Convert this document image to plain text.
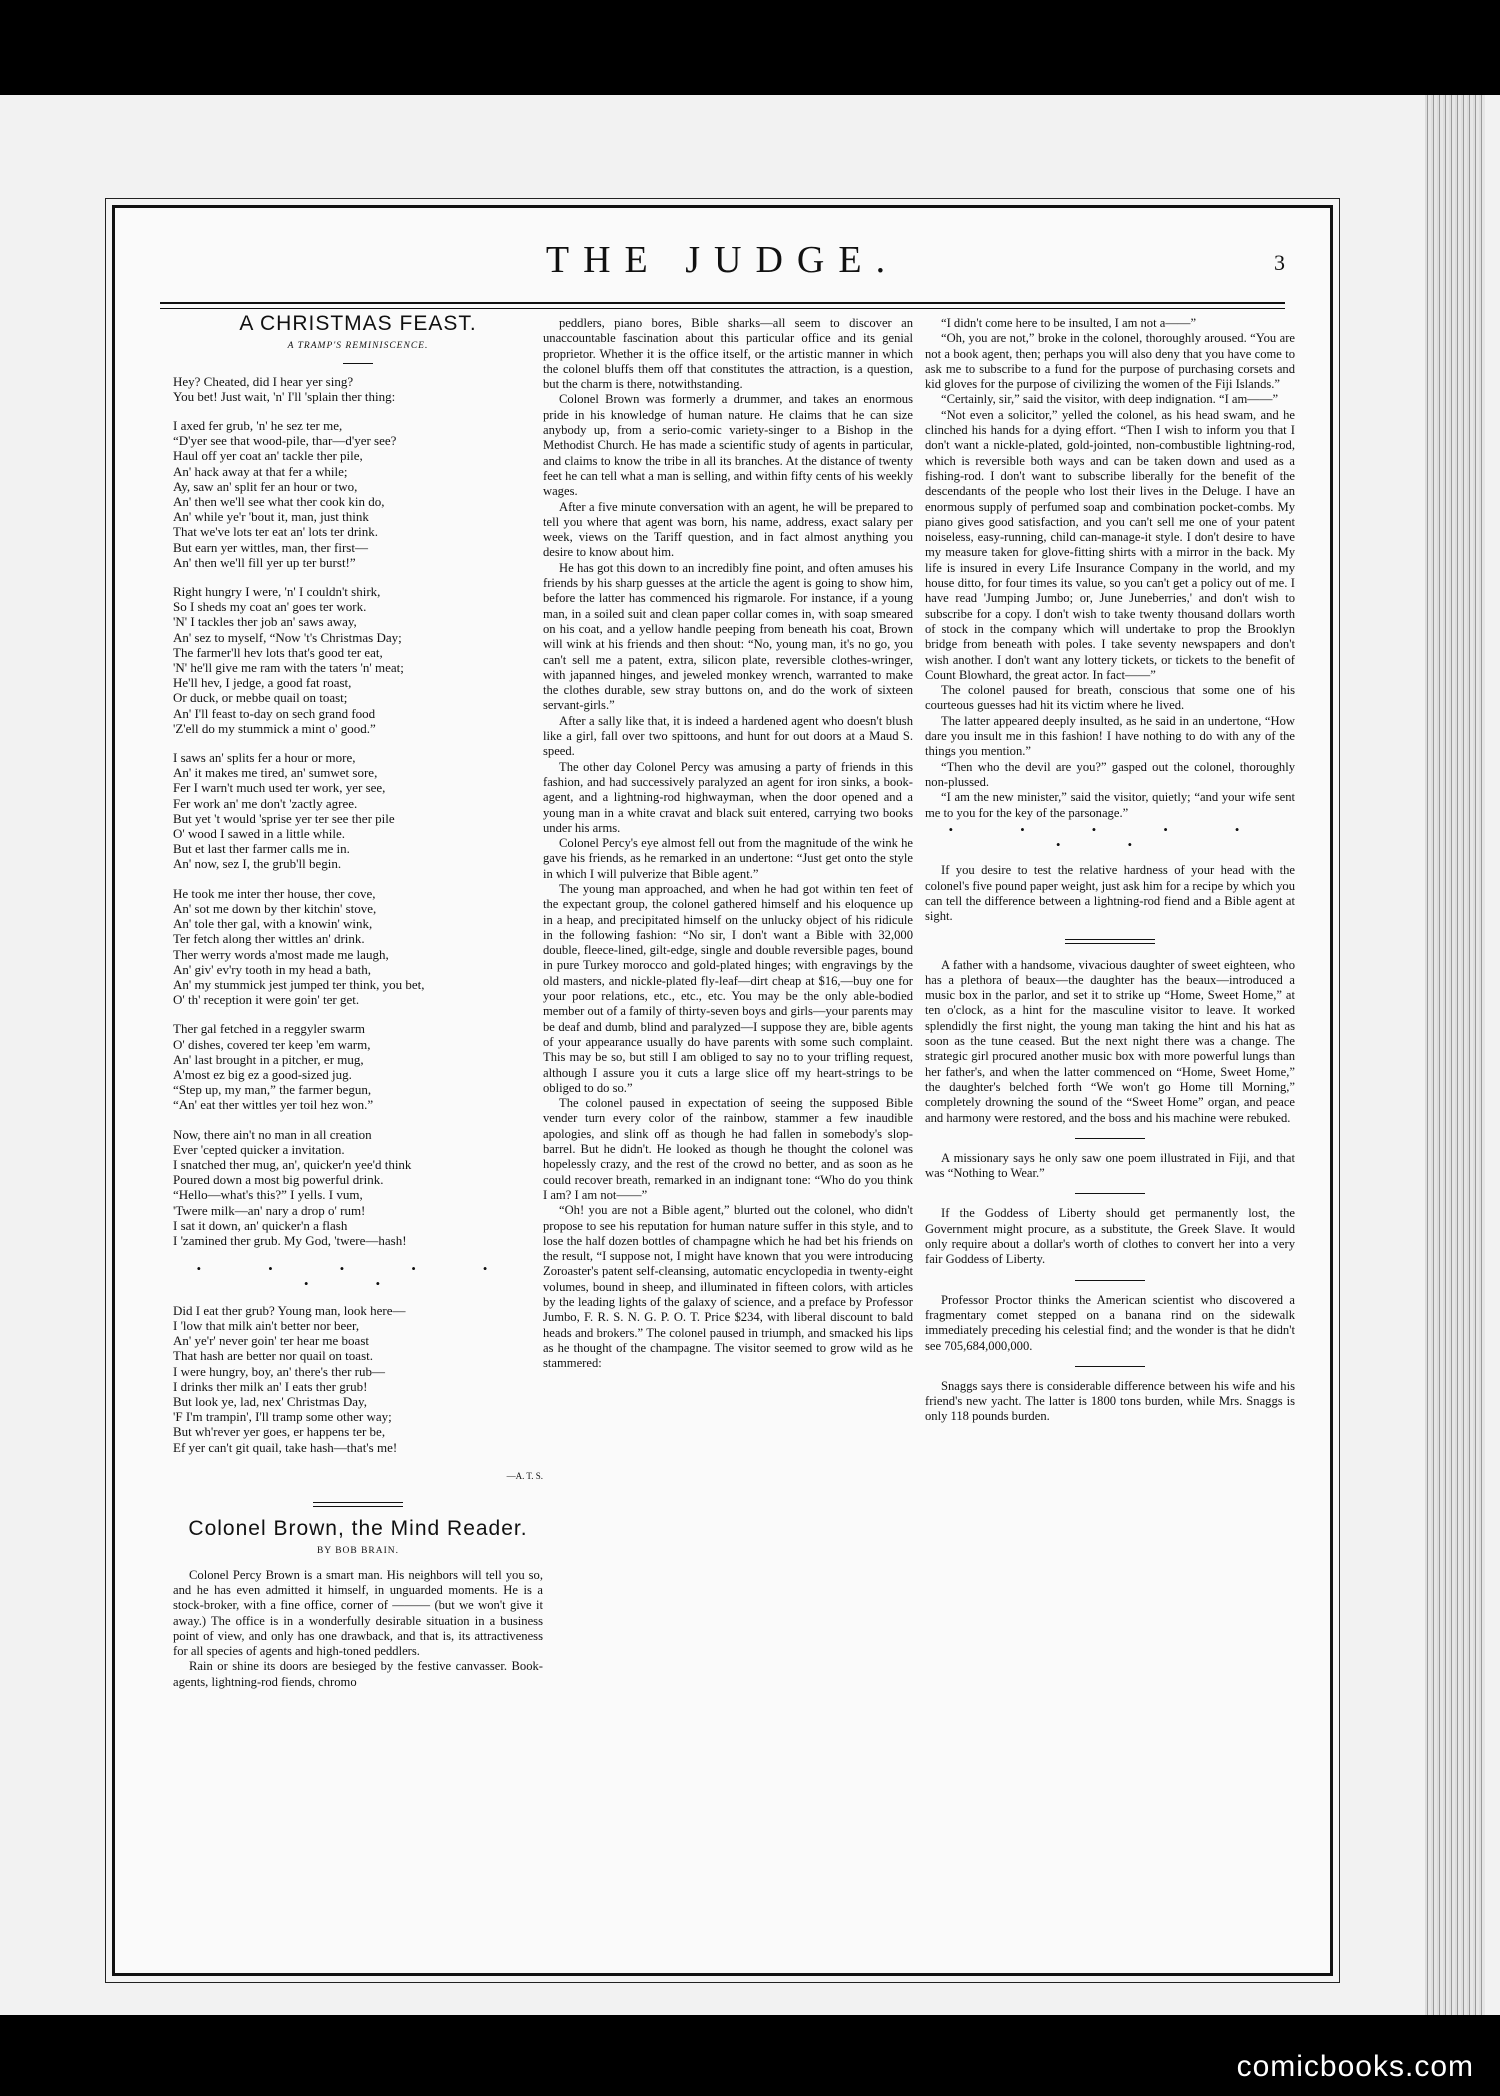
THE JUDGE.	3
A CHRISTMAS FEAST.
A TRAMP'S REMINISCENCE.

Hey? Cheated, did I hear yer sing?

You bet! Just wait, 'n' I'll 'splain ther thing:

I axed fer grub, 'n' he sez ter me,

“D'yer see that wood-pile, thar—d'yer see?

Haul off yer coat an' tackle ther pile,

An' hack away at that fer a while;

Ay, saw an' split fer an hour or two,

An' then we'll see what ther cook kin do,

An' while ye'r 'bout it, man, just think

That we've lots ter eat an' lots ter drink.

But earn yer wittles, man, ther first—

An' then we'll fill yer up ter burst!”

Right hungry I were, 'n' I couldn't shirk,

So I sheds my coat an' goes ter work.

'N' I tackles ther job an' saws away,

An' sez to myself, “Now 't's Christmas Day;

The farmer'll hev lots that's good ter eat,

'N' he'll give me ram with the taters 'n' meat;

He'll hev, I jedge, a good fat roast,

Or duck, or mebbe quail on toast;

An' I'll feast to-day on sech grand food

'Z'ell do my stummick a mint o' good.”

I saws an' splits fer a hour or more,

An' it makes me tired, an' sumwet sore,

Fer I warn't much used ter work, yer see,

Fer work an' me don't 'zactly agree.

But yet 't would 'sprise yer ter see ther pile

O' wood I sawed in a little while.

But et last ther farmer calls me in.

An' now, sez I, the grub'll begin.

He took me inter ther house, ther cove,

An' sot me down by ther kitchin' stove,

An' tole ther gal, with a knowin' wink,

Ter fetch along ther wittles an' drink.

Ther werry words a'most made me laugh,

An' giv' ev'ry tooth in my head a bath,

An' my stummick jest jumped ter think, you bet,

O' th' reception it were goin' ter get.

Ther gal fetched in a reggyler swarm

O' dishes, covered ter keep 'em warm,

An' last brought in a pitcher, er mug,

A'most ez big ez a good-sized jug.

“Step up, my man,” the farmer begun,

“An' eat ther wittles yer toil hez won.”

Now, there ain't no man in all creation

Ever 'cepted quicker a invitation.

I snatched ther mug, an', quicker'n yee'd think

Poured down a most big powerful drink.

“Hello—what's this?” I yells. I vum,

'Twere milk—an' nary a drop o' rum!

I sat it down, an' quicker'n a flash

I 'zamined ther grub. My God, 'twere—hash!

• • • • • • •

Did I eat ther grub? Young man, look here—

I 'low that milk ain't better nor beer,

An' ye'r' never goin' ter hear me boast

That hash are better nor quail on toast.

I were hungry, boy, an' there's ther rub—

I drinks ther milk an' I eats ther grub!

But look ye, lad, nex' Christmas Day,

'F I'm trampin', I'll tramp some other way;

But wh'rever yer goes, er happens ter be,

Ef yer can't git quail, take hash—that's me!

—A. T. S.
Colonel Brown, the Mind Reader.
BY BOB BRAIN.

Colonel Percy Brown is a smart man. His neighbors will tell you so, and he has even admitted it himself, in unguarded moments. He is a stock-broker, with a fine office, corner of ——— (but we won't give it away.) The office is in a wonderfully desirable situation in a business point of view, and only has one drawback, and that is, its attractiveness for all species of agents and high-toned peddlers.

Rain or shine its doors are besieged by the festive canvasser. Book-agents, lightning-rod fiends, chromo

peddlers, piano bores, Bible sharks—all seem to discover an unaccountable fascination about this particular office and its genial proprietor. Whether it is the office itself, or the artistic manner in which the colonel bluffs them off that constitutes the attraction, is a question, but the charm is there, notwithstanding.

Colonel Brown was formerly a drummer, and takes an enormous pride in his knowledge of human nature. He claims that he can size anybody up, from a serio-comic variety-singer to a Bishop in the Methodist Church. He has made a scientific study of agents in particular, and claims to know the tribe in all its branches. At the distance of twenty feet he can tell what a man is selling, and within fifty cents of his weekly wages.

After a five minute conversation with an agent, he will be prepared to tell you where that agent was born, his name, address, exact salary per week, views on the Tariff question, and in fact almost anything you desire to know about him.

He has got this down to an incredibly fine point, and often amuses his friends by his sharp guesses at the article the agent is going to show him, before the latter has commenced his rigmarole. For instance, if a young man, in a soiled suit and clean paper collar comes in, with soap smeared on his coat, and a yellow handle peeping from beneath his coat, Brown will wink at his friends and then shout: “No, young man, it's no go, you can't sell me a patent, extra, silicon plate, reversible clothes-wringer, with japanned hinges, and jeweled monkey wrench, warranted to make the clothes durable, sew stray buttons on, and do the work of sixteen servant-girls.”

After a sally like that, it is indeed a hardened agent who doesn't blush like a girl, fall over two spittoons, and hunt for out doors at a Maud S. speed.

The other day Colonel Percy was amusing a party of friends in this fashion, and had successively paralyzed an agent for iron sinks, a book-agent, and a lightning-rod highwayman, when the door opened and a young man in a white cravat and black suit entered, carrying two books under his arms.

Colonel Percy's eye almost fell out from the magnitude of the wink he gave his friends, as he remarked in an undertone: “Just get onto the style in which I will pulverize that Bible agent.”

The young man approached, and when he had got within ten feet of the expectant group, the colonel gathered himself and his eloquence up in a heap, and precipitated himself on the unlucky object of his ridicule in the following fashion: “No sir, I don't want a Bible with 32,000 double, fleece-lined, gilt-edge, single and double reversible pages, bound in pure Turkey morocco and gold-plated hinges; with engravings by the old masters, and nickle-plated fly-leaf—dirt cheap at $16,—buy one for your poor relations, etc., etc., etc. You may be the only able-bodied member out of a family of thirty-seven boys and girls—your parents may be deaf and dumb, blind and paralyzed—I suppose they are, bible agents of your appearance usually do have parents with some such complaint. This may be so, but still I am obliged to say no to your trifling request, although I assure you it cuts a large slice off my heart-strings to be obliged to do so.”

The colonel paused in expectation of seeing the supposed Bible vender turn every color of the rainbow, stammer a few inaudible apologies, and slink off as though he had fallen in somebody's slop-barrel. But he didn't. He looked as though he thought the colonel was hopelessly crazy, and the rest of the crowd no better, and as soon as he could recover breath, remarked in an indignant tone: “Who do you think I am? I am not——”

“Oh! you are not a Bible agent,” blurted out the colonel, who didn't propose to see his reputation for human nature suffer in this style, and to lose the half dozen bottles of champagne which he had bet his friends on the result, “I suppose not, I might have known that you were introducing Zoroaster's patent self-cleansing, automatic encyclopedia in twenty-eight volumes, bound in sheep, and illuminated in fifteen colors, with articles by the leading lights of the galaxy of science, and a preface by Professor Jumbo, F. R. S. N. G. P. O. T. Price $234, with liberal discount to bald heads and brokers.” The colonel paused in triumph, and smacked his lips as he thought of the champagne. The visitor seemed to grow wild as he stammered:

“I didn't come here to be insulted, I am not a——”

“Oh, you are not,” broke in the colonel, thoroughly aroused. “You are not a book agent, then; perhaps you will also deny that you have come to ask me to subscribe to a fund for the purpose of purchasing corsets and kid gloves for the purpose of civilizing the women of the Fiji Islands.”

“Certainly, sir,” said the visitor, with deep indignation. “I am——”

“Not even a solicitor,” yelled the colonel, as his head swam, and he clinched his hands for a dying effort. “Then I wish to inform you that I don't want a nickle-plated, gold-jointed, non-combustible lightning-rod, which is reversible both ways and can be taken down and used as a fishing-rod. I don't want to subscribe liberally for the benefit of the descendants of the people who lost their lives in the Deluge. I have an enormous supply of perfumed soap and combination pocket-combs. My piano gives good satisfaction, and you can't sell me one of your patent noiseless, easy-running, child can-manage-it style. I don't desire to have my measure taken for glove-fitting shirts with a mirror in the back. My life is insured in every Life Insurance Company in the world, and my house ditto, for four times its value, so you can't get a policy out of me. I have read 'Jumping Jumbo; or, June Juneberries,' and don't wish to subscribe for a copy. I don't wish to take twenty thousand dollars worth of stock in the company which will undertake to prop the Brooklyn bridge from beneath with poles. I take seventy newspapers and don't wish another. I don't want any lottery tickets, or tickets to the benefit of Count Blowhard, the great actor. In fact——”

The colonel paused for breath, conscious that some one of his courteous guesses had hit its victim where he lived.

The latter appeared deeply insulted, as he said in an undertone, “How dare you insult me in this fashion! I have nothing to do with any of the things you mention.”

“Then who the devil are you?” gasped out the colonel, thoroughly non-plussed.

“I am the new minister,” said the visitor, quietly; “and your wife sent me to you for the key of the parsonage.”

• • • • • • •

If you desire to test the relative hardness of your head with the colonel's five pound paper weight, just ask him for a recipe by which you can tell the difference between a lightning-rod fiend and a Bible agent at sight.

A father with a handsome, vivacious daughter of sweet eighteen, who has a plethora of beaux—the daughter has the beaux—introduced a music box in the parlor, and set it to strike up “Home, Sweet Home,” at ten o'clock, as a hint for the masculine visitor to leave. It worked splendidly the first night, the young man taking the hint and his hat as soon as the tune ceased. But the next night there was a change. The strategic girl procured another music box with more powerful lungs than her father's, and when the latter commenced on “Home, Sweet Home,” the daughter's belched forth “We won't go Home till Morning,” completely drowning the sound of the “Sweet Home” organ, and peace and harmony were restored, and the boss and his machine were rebuked.

A missionary says he only saw one poem illustrated in Fiji, and that was “Nothing to Wear.”

If the Goddess of Liberty should get permanently lost, the Government might procure, as a substitute, the Greek Slave. It would only require about a dollar's worth of clothes to convert her into a very fair Goddess of Liberty.

Professor Proctor thinks the American scientist who discovered a fragmentary comet stepped on a banana rind on the sidewalk immediately preceding his celestial find; and the wonder is that he didn't see 705,684,000,000.

Snaggs says there is considerable difference between his wife and his friend's new yacht. The latter is 1800 tons burden, while Mrs. Snaggs is only 118 pounds burden.

comicbooks.com
